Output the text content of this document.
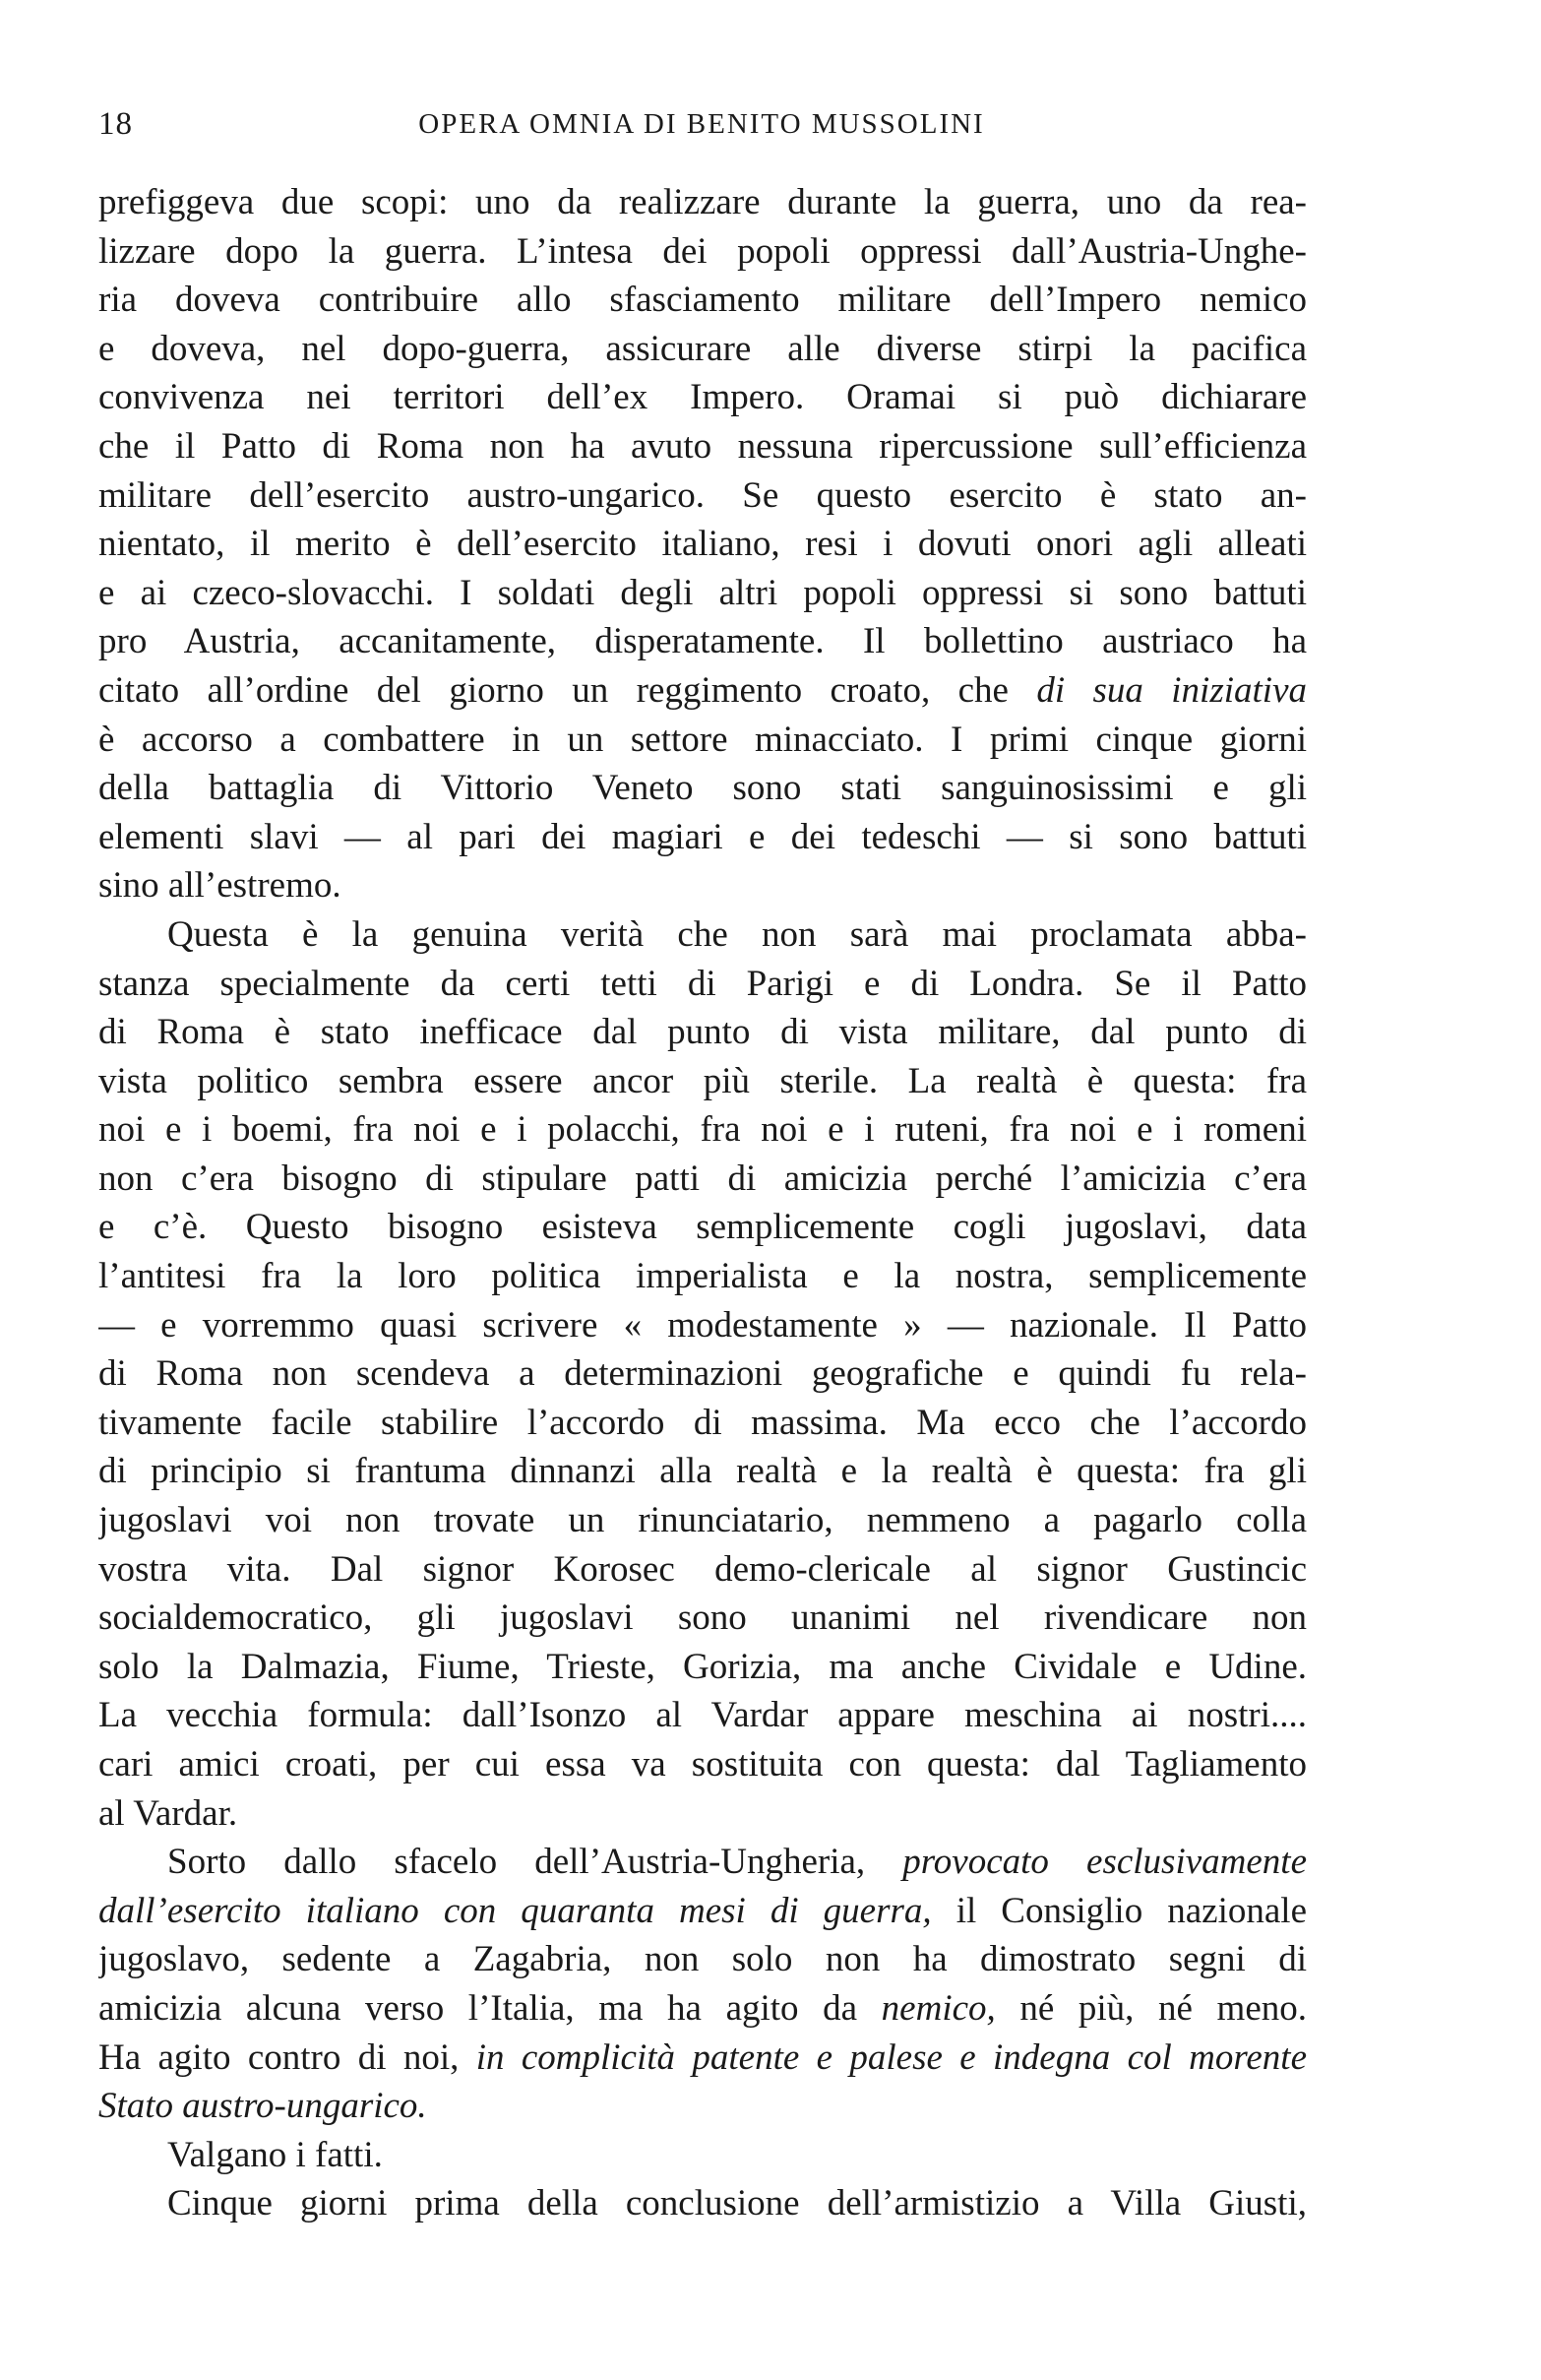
18	OPERA OMNIA DI BENITO MUSSOLINI
prefiggeva due scopi: uno da realizzare durante la guerra, uno da rea-
lizzare dopo la guerra. L’intesa dei popoli oppressi dall’Austria-Unghe-
ria doveva contribuire allo sfasciamento militare dell’Impero nemico
e doveva, nel dopo-guerra, assicurare alle diverse stirpi la pacifica
convivenza nei territori dell’ex Impero. Oramai si può dichiarare
che il Patto di Roma non ha avuto nessuna ripercussione sull’efficienza
militare dell’esercito austro-ungarico. Se questo esercito è stato an-
nientato, il merito è dell’esercito italiano, resi i dovuti onori agli alleati
e ai czeco-slovacchi. I soldati degli altri popoli oppressi si sono battuti
pro Austria, accanitamente, disperatamente. Il bollettino austriaco ha
citato all’ordine del giorno un reggimento croato, che di sua iniziativa
è accorso a combattere in un settore minacciato. I primi cinque giorni
della battaglia di Vittorio Veneto sono stati sanguinosissimi e gli
elementi slavi — al pari dei magiari e dei tedeschi — si sono battuti
sino all’estremo.
Questa è la genuina verità che non sarà mai proclamata abba-
stanza specialmente da certi tetti di Parigi e di Londra. Se il Patto
di Roma è stato inefficace dal punto di vista militare, dal punto di
vista politico sembra essere ancor più sterile. La realtà è questa: fra
noi e i boemi, fra noi e i polacchi, fra noi e i ruteni, fra noi e i romeni
non c’era bisogno di stipulare patti di amicizia perché l’amicizia c’era
e c’è. Questo bisogno esisteva semplicemente cogli jugoslavi, data
l’antitesi fra la loro politica imperialista e la nostra, semplicemente
— e vorremmo quasi scrivere « modestamente » — nazionale. Il Patto
di Roma non scendeva a determinazioni geografiche e quindi fu rela-
tivamente facile stabilire l’accordo di massima. Ma ecco che l’accordo
di principio si frantuma dinnanzi alla realtà e la realtà è questa: fra gli
jugoslavi voi non trovate un rinunciatario, nemmeno a pagarlo colla
vostra vita. Dal signor Korosec demo-clericale al signor Gustincic
socialdemocratico, gli jugoslavi sono unanimi nel rivendicare non
solo la Dalmazia, Fiume, Trieste, Gorizia, ma anche Cividale e Udine.
La vecchia formula: dall’Isonzo al Vardar appare meschina ai nostri....
cari amici croati, per cui essa va sostituita con questa: dal Tagliamento
al Vardar.
Sorto dallo sfacelo dell’Austria-Ungheria, provocato esclusivamente
dall’esercito italiano con quaranta mesi di guerra, il Consiglio nazionale
jugoslavo, sedente a Zagabria, non solo non ha dimostrato segni di
amicizia alcuna verso l’Italia, ma ha agito da nemico, né più, né meno.
Ha agito contro di noi, in complicità patente e palese e indegna col morente
Stato austro-ungarico.
Valgano i fatti.
Cinque giorni prima della conclusione dell’armistizio a Villa Giusti,
